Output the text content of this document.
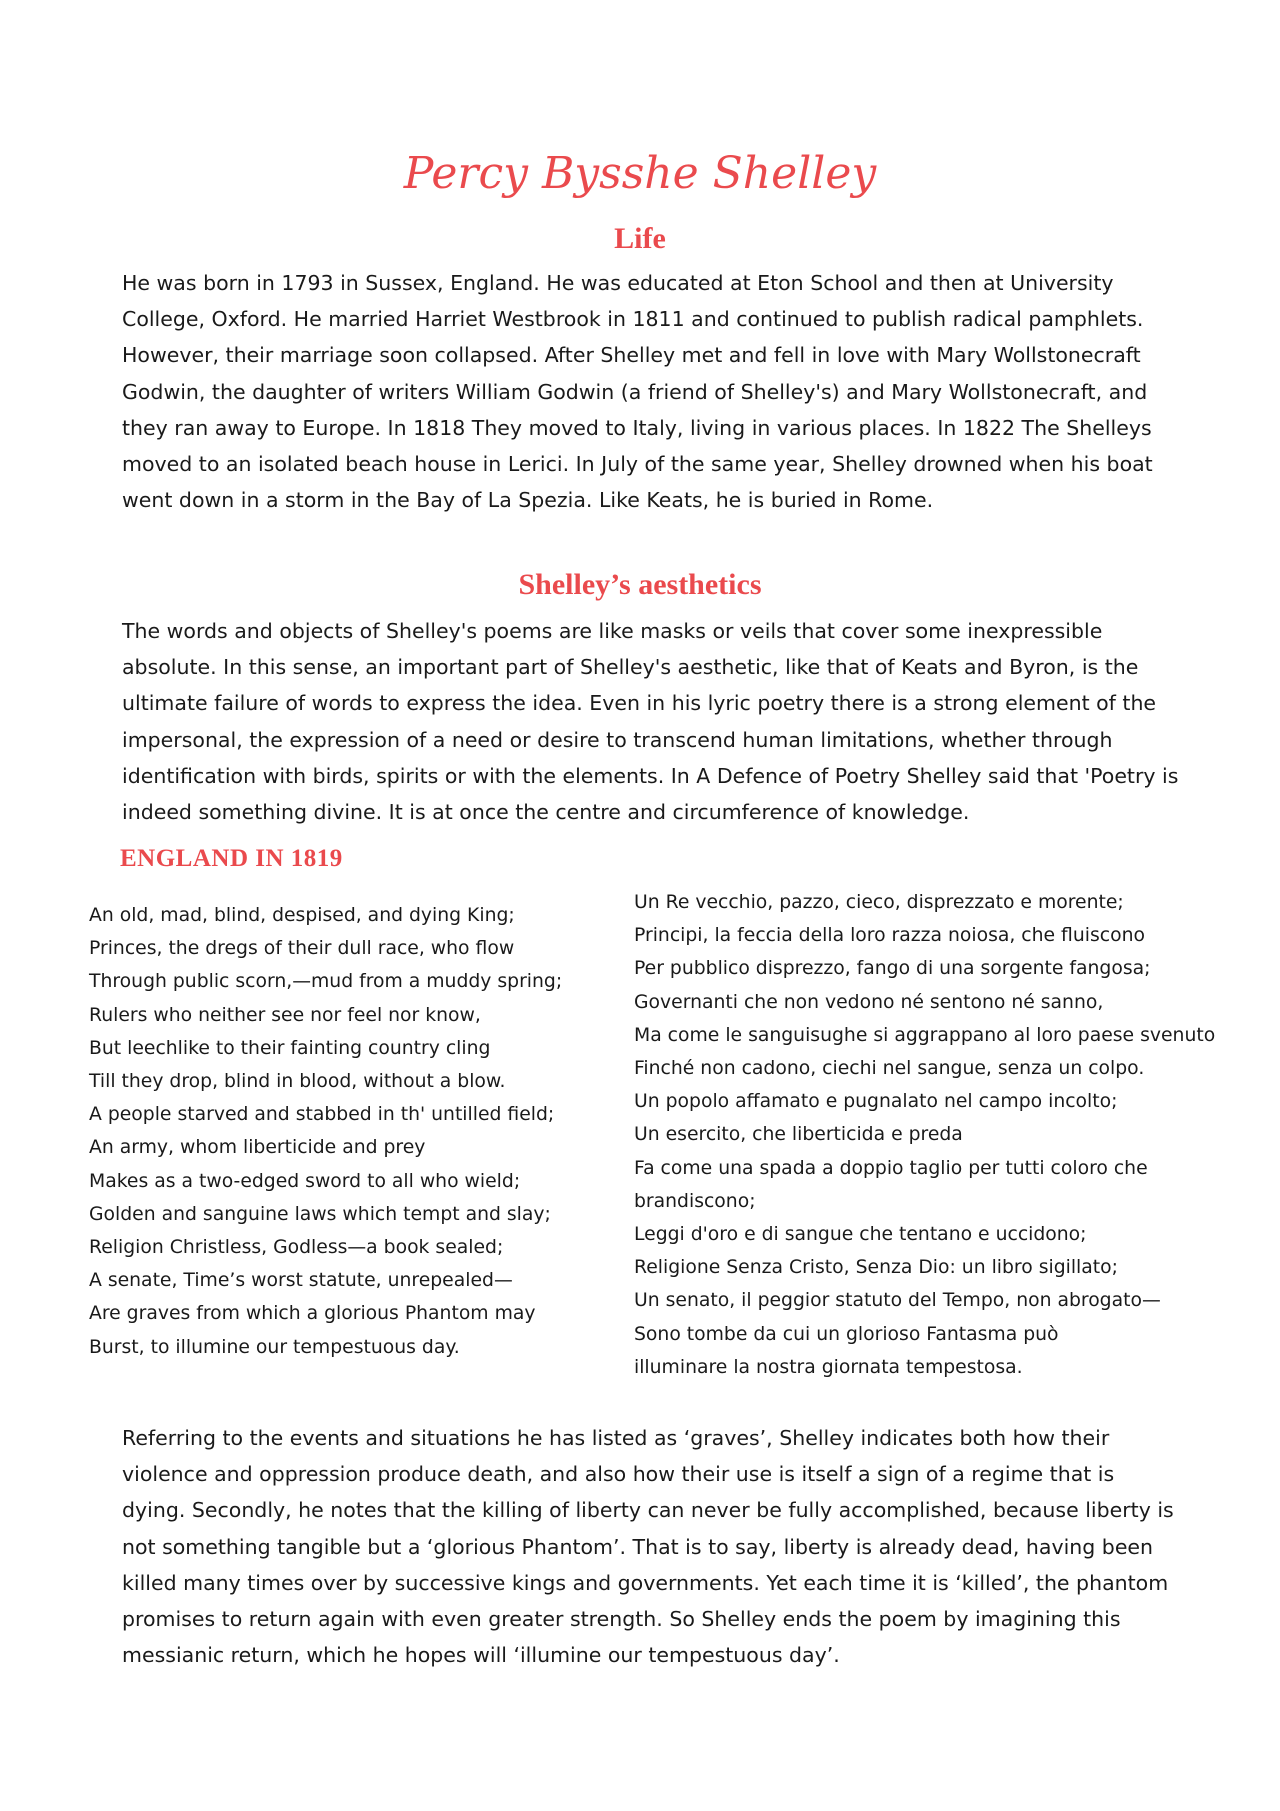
Percy Bysshe Shelley
Life

He was born in 1793 in Sussex, England. He was educated at Eton School and then at University College, Oxford. He married Harriet Westbrook in 1811 and continued to publish radical pamphlets. However, their marriage soon collapsed. After Shelley met and fell in love with Mary Wollstonecraft Godwin, the daughter of writers William Godwin (a friend of Shelley's) and Mary Wollstonecraft, and they ran away to Europe. In 1818 They moved to Italy, living in various places. In 1822 The Shelleys moved to an isolated beach house in Lerici. In July of the same year, Shelley drowned when his boat went down in a storm in the Bay of La Spezia. Like Keats, he is buried in Rome.

Shelley’s aesthetics

The words and objects of Shelley's poems are like masks or veils that cover some inexpressible absolute. In this sense, an important part of Shelley's aesthetic, like that of Keats and Byron, is the ultimate failure of words to express the idea. Even in his lyric poetry there is a strong element of the impersonal, the expression of a need or desire to transcend human limitations, whether through identification with birds, spirits or with the elements. In A Defence of Poetry Shelley said that 'Poetry is indeed something divine. It is at once the centre and circumference of knowledge.

ENGLAND IN 1819
An old, mad, blind, despised, and dying King;
Princes, the dregs of their dull race, who flow
Through public scorn,—mud from a muddy spring;
Rulers who neither see nor feel nor know,
But leechlike to their fainting country cling
Till they drop, blind in blood, without a blow.
A people starved and stabbed in th' untilled field;
An army, whom liberticide and prey
Makes as a two-edged sword to all who wield;
Golden and sanguine laws which tempt and slay;
Religion Christless, Godless—a book sealed;
A senate, Time’s worst statute, unrepealed—
Are graves from which a glorious Phantom may
Burst, to illumine our tempestuous day.
Un Re vecchio, pazzo, cieco, disprezzato e morente;
Principi, la feccia della loro razza noiosa, che fluiscono
Per pubblico disprezzo, fango di una sorgente fangosa;
Governanti che non vedono né sentono né sanno,
Ma come le sanguisughe si aggrappano al loro paese svenuto
Finché non cadono, ciechi nel sangue, senza un colpo.
Un popolo affamato e pugnalato nel campo incolto;
Un esercito, che liberticida e preda
Fa come una spada a doppio taglio per tutti coloro che
brandiscono;
Leggi d'oro e di sangue che tentano e uccidono;
Religione Senza Cristo, Senza Dio: un libro sigillato;
Un senato, il peggior statuto del Tempo, non abrogato—
Sono tombe da cui un glorioso Fantasma può
illuminare la nostra giornata tempestosa.

Referring to the events and situations he has listed as ‘graves’, Shelley indicates both how their violence and oppression produce death, and also how their use is itself a sign of a regime that is dying. Secondly, he notes that the killing of liberty can never be fully accomplished, because liberty is not something tangible but a ‘glorious Phantom’. That is to say, liberty is already dead, having been killed many times over by successive kings and governments. Yet each time it is ‘killed’, the phantom promises to return again with even greater strength. So Shelley ends the poem by imagining this messianic return, which he hopes will ‘illumine our tempestuous day’.
